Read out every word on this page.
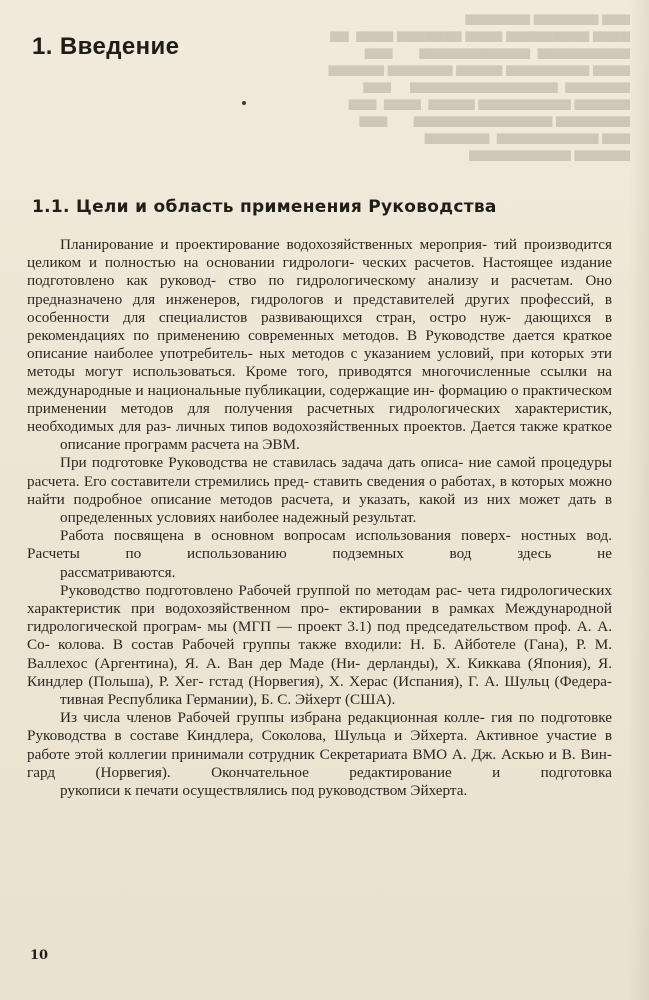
▆▆▆ ▆▆▆▆▆▆▆ ▆▆▆▆▆▆▆
▆▆▆▆ ▆▆▆▆▆▆▆▆▆ ▆▆▆▆ ▆▆▆▆▆▆▆ ▆▆▆▆  ▆▆
▆▆▆▆▆▆▆▆▆▆  ▆▆▆▆▆▆▆▆▆▆▆▆       ▆▆▆
▆▆▆▆ ▆▆▆▆▆▆▆▆▆ ▆▆▆▆▆ ▆▆▆▆▆▆▆ ▆▆▆▆▆▆
▆▆▆▆▆▆▆  ▆▆▆▆▆▆▆▆▆▆▆▆▆▆▆▆     ▆▆▆
▆▆▆▆▆▆ ▆▆▆▆▆▆▆▆▆▆ ▆▆▆▆▆  ▆▆▆▆  ▆▆▆
▆▆▆▆▆▆▆▆ ▆▆▆▆▆▆▆▆▆▆▆▆▆▆▆       ▆▆▆
▆▆▆ ▆▆▆▆▆▆▆▆▆▆▆  ▆▆▆▆▆▆▆
▆▆▆▆▆▆ ▆▆▆▆▆▆▆▆▆▆▆
1. Введение
1.1. Цели и область применения Руководства

Планирование и проектирование водохозяйственных мероприя- тий производится целиком и полностью на основании гидрологи- ческих расчетов. Настоящее издание подготовлено как руковод- ство по гидрологическому анализу и расчетам. Оно предназначено для инженеров, гидрологов и представителей других профессий, в особенности для специалистов развивающихся стран, остро нуж- дающихся в рекомендациях по применению современных методов. В Руководстве дается краткое описание наиболее употребитель- ных методов с указанием условий, при которых эти методы могут использоваться. Кроме того, приводятся многочисленные ссылки на международные и национальные публикации, содержащие ин- формацию о практическом применении методов для получения расчетных гидрологических характеристик, необходимых для раз- личных типов водохозяйственных проектов. Дается также краткое
описание программ расчета на ЭВМ.

При подготовке Руководства не ставилась задача дать описа- ние самой процедуры расчета. Его составители стремились пред- ставить сведения о работах, в которых можно найти подробное описание методов расчета, и указать, какой из них может дать в
определенных условиях наиболее надежный результат.

Работа посвящена в основном вопросам использования поверх- ностных вод. Расчеты по использованию подземных вод здесь не
рассматриваются.

Руководство подготовлено Рабочей группой по методам рас- чета гидрологических характеристик при водохозяйственном про- ектировании в рамках Международной гидрологической програм- мы (МГП — проект 3.1) под председательством проф. А. А. Со- колова. В состав Рабочей группы также входили: Н. Б. Айботеле (Гана), Р. М. Валлехос (Аргентина), Я. А. Ван дер Маде (Ни- дерланды), Х. Киккава (Япония), Я. Киндлер (Польша), Р. Хег- гстад (Норвегия), Х. Херас (Испания), Г. А. Шульц (Федера-
тивная Республика Германии), Б. С. Эйхерт (США).

Из числа членов Рабочей группы избрана редакционная колле- гия по подготовке Руководства в составе Киндлера, Соколова, Шульца и Эйхерта. Активное участие в работе этой коллегии принимали сотрудник Секретариата ВМО А. Дж. Аскью и В. Вин- гард (Норвегия). Окончательное редактирование и подготовка
рукописи к печати осуществлялись под руководством Эйхерта.

10
